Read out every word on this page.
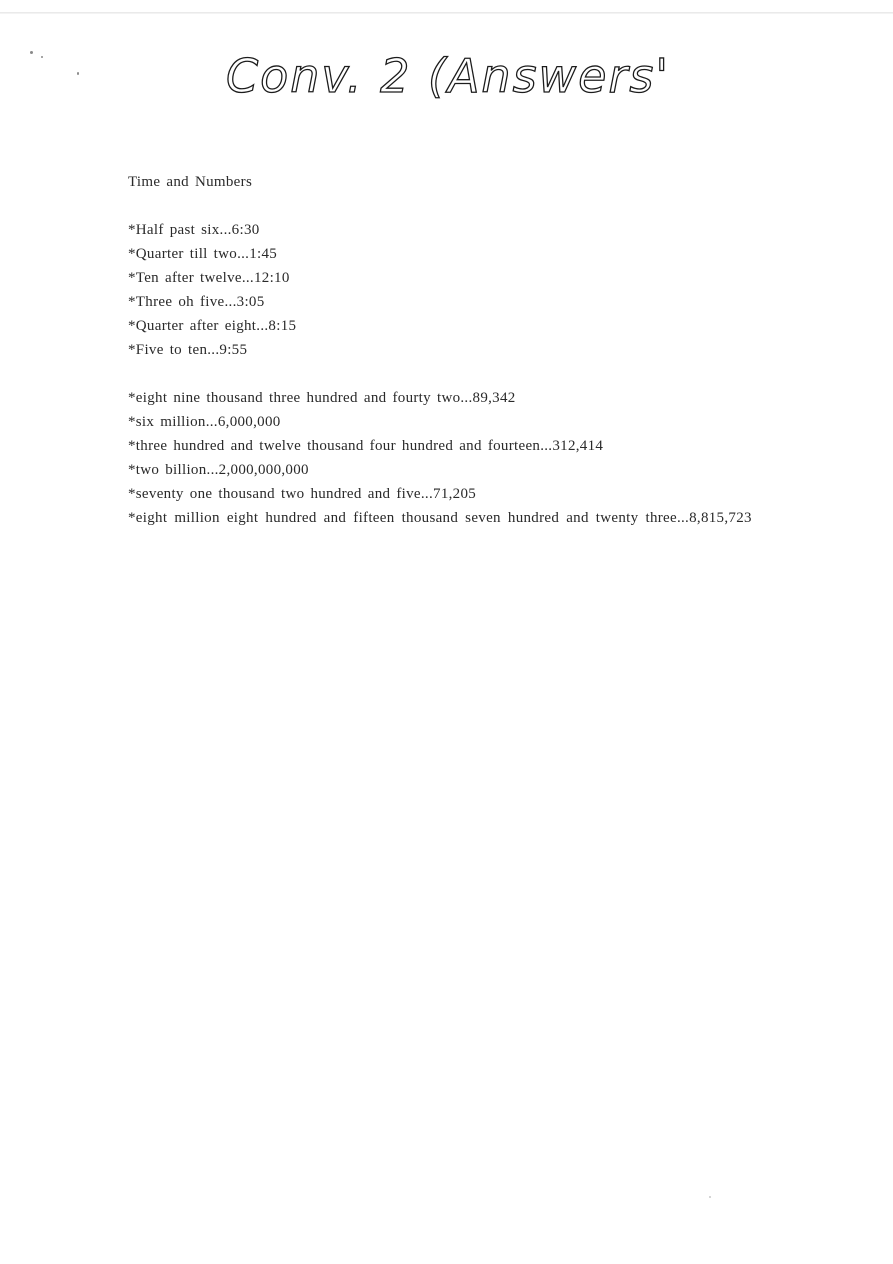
Conv. 2 (Answers'

Time and Numbers

*Half past six...6:30
*Quarter till two...1:45
*Ten after twelve...12:10
*Three oh five...3:05
*Quarter after eight...8:15
*Five to ten...9:55
*eight nine thousand three hundred and fourty two...89,342
*six million...6,000,000
*three hundred and twelve thousand four hundred and fourteen...312,414
*two billion...2,000,000,000
*seventy one thousand two hundred and five...71,205
*eight million eight hundred and fifteen thousand seven hundred and twenty three...8,815,723
